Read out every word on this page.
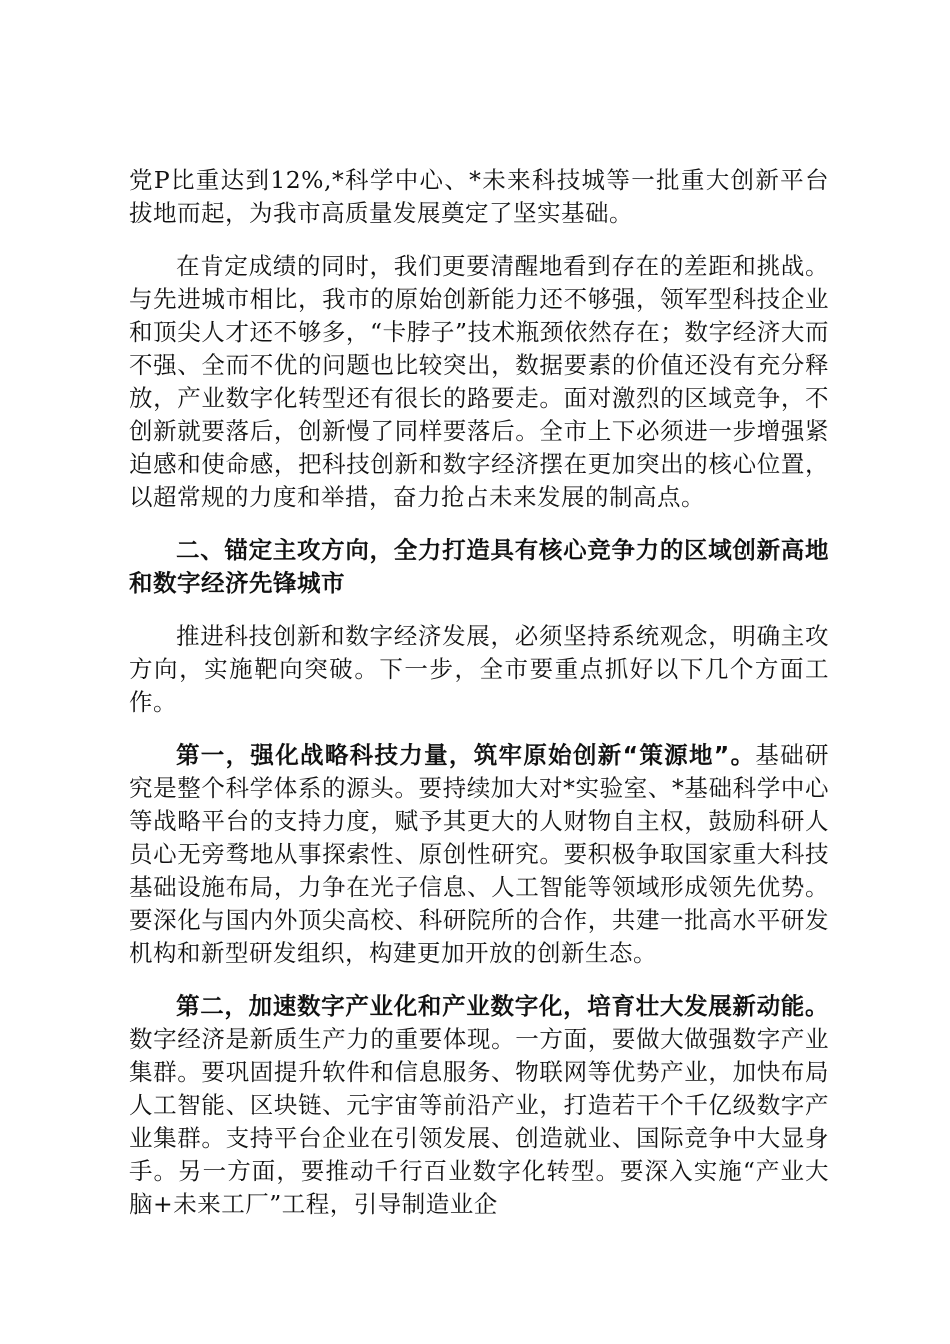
党P比重达到12%,*科学中心、*未来科技城等一批重大创新平台拔地而起，为我市高质量发展奠定了坚实基础。

在肯定成绩的同时，我们更要清醒地看到存在的差距和挑战。与先进城市相比，我市的原始创新能力还不够强，领军型科技企业和顶尖人才还不够多，“卡脖子”技术瓶颈依然存在；数字经济大而不强、全而不优的问题也比较突出，数据要素的价值还没有充分释放，产业数字化转型还有很长的路要走。面对激烈的区域竞争，不创新就要落后，创新慢了同样要落后。全市上下必须进一步增强紧迫感和使命感，把科技创新和数字经济摆在更加突出的核心位置，以超常规的力度和举措，奋力抢占未来发展的制高点。

二、锚定主攻方向，全力打造具有核心竞争力的区域创新高地和数字经济先锋城市

推进科技创新和数字经济发展，必须坚持系统观念，明确主攻方向，实施靶向突破。下一步，全市要重点抓好以下几个方面工作。

第一，强化战略科技力量，筑牢原始创新“策源地”。基础研究是整个科学体系的源头。要持续加大对*实验室、*基础科学中心等战略平台的支持力度，赋予其更大的人财物自主权，鼓励科研人员心无旁骛地从事探索性、原创性研究。要积极争取国家重大科技基础设施布局，力争在光子信息、人工智能等领域形成领先优势。要深化与国内外顶尖高校、科研院所的合作，共建一批高水平研发机构和新型研发组织，构建更加开放的创新生态。

第二，加速数字产业化和产业数字化，培育壮大发展新动能。数字经济是新质生产力的重要体现。一方面，要做大做强数字产业集群。要巩固提升软件和信息服务、物联网等优势产业，加快布局人工智能、区块链、元宇宙等前沿产业，打造若干个千亿级数字产业集群。支持平台企业在引领发展、创造就业、国际竞争中大显身手。另一方面，要推动千行百业数字化转型。要深入实施“产业大脑+未来工厂”工程，引导制造业企
